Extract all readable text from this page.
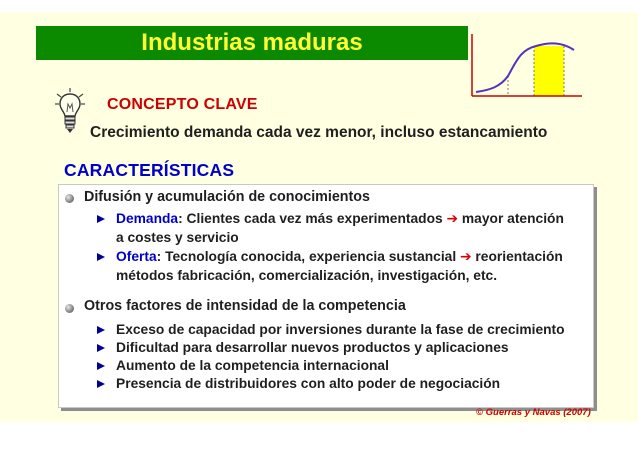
Industrias maduras
CONCEPTO CLAVE
Crecimiento demanda cada vez menor, incluso estancamiento
CARACTERÍSTICAS
Difusión y acumulación de conocimientos
Demanda: Clientes cada vez más experimentados ➔ mayor atención
a costes y servicio
Oferta: Tecnología conocida, experiencia sustancial ➔ reorientación
métodos fabricación, comercialización, investigación, etc.
Otros factores de intensidad de la competencia
Exceso de capacidad por inversiones durante la fase de crecimiento
Dificultad para desarrollar nuevos productos y aplicaciones
Aumento de la competencia internacional
Presencia de distribuidores con alto poder de negociación
© Guerras y Navas (2007)
